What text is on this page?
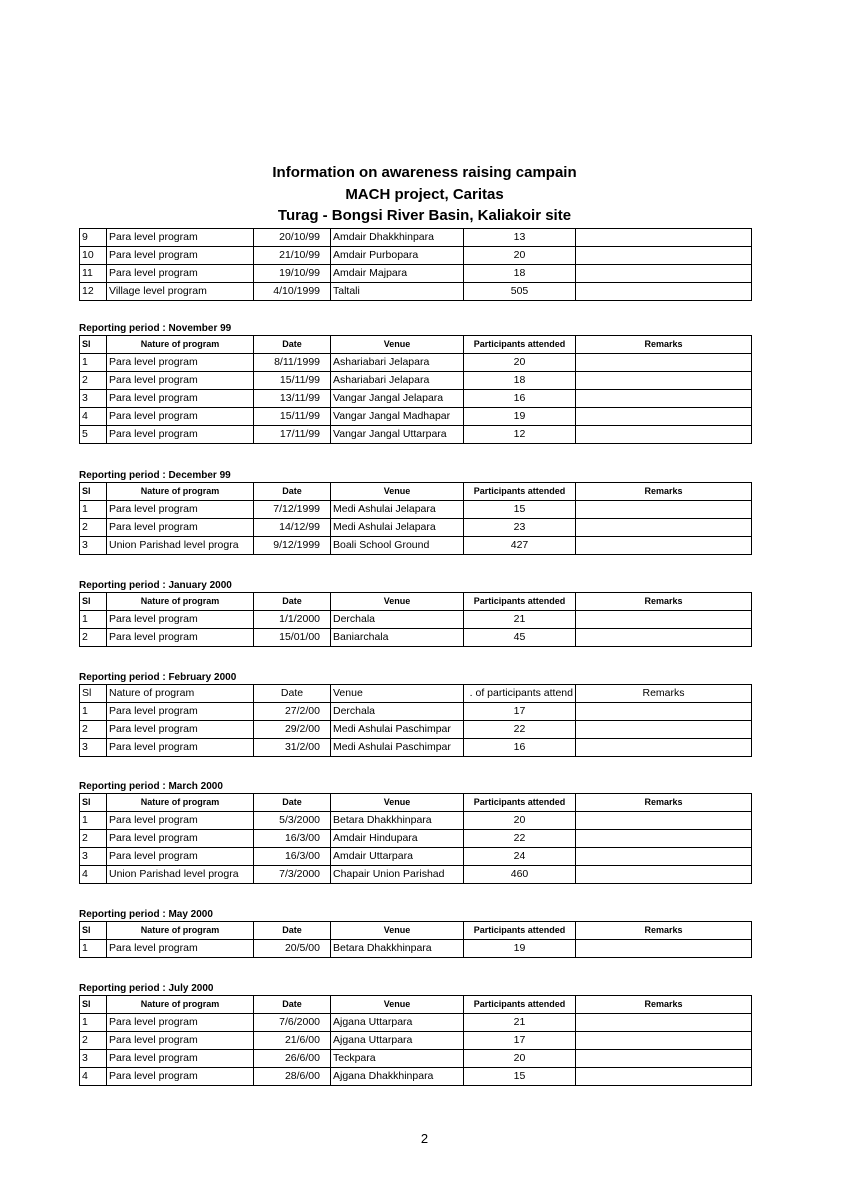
Information on awareness raising campain
MACH project, Caritas
Turag - Bongsi River Basin, Kaliakoir site
9	Para level program	20/10/99	Amdair Dhakkhinpara	13	
10	Para level program	21/10/99	Amdair Purbopara	20	
11	Para level program	19/10/99	Amdair Majpara	18	
12	Village level program	4/10/1999	Taltali	505	
Reporting period : November 99
Sl	Nature of program	Date	Venue	Participants attended	Remarks
1	Para level program	8/11/1999	Ashariabari Jelapara	20	
2	Para level program	15/11/99	Ashariabari Jelapara	18	
3	Para level program	13/11/99	Vangar Jangal Jelapara	16	
4	Para level program	15/11/99	Vangar Jangal Madhapar	19	
5	Para level program	17/11/99	Vangar Jangal Uttarpara	12	
Reporting period : December 99
Sl	Nature of program	Date	Venue	Participants attended	Remarks
1	Para level program	7/12/1999	Medi Ashulai Jelapara	15	
2	Para level program	14/12/99	Medi Ashulai Jelapara	23	
3	Union Parishad level progra	9/12/1999	Boali School Ground	427	
Reporting period : January 2000
Sl	Nature of program	Date	Venue	Participants attended	Remarks
1	Para level program	1/1/2000	Derchala	21	
2	Para level program	15/01/00	Baniarchala	45	
Reporting period : February 2000
Sl	Nature of program	Date	Venue	. of participants attend	Remarks
1	Para level program	27/2/00	Derchala	17	
2	Para level program	29/2/00	Medi Ashulai Paschimpar	22	
3	Para level program	31/2/00	Medi Ashulai Paschimpar	16	
Reporting period : March 2000
Sl	Nature of program	Date	Venue	Participants attended	Remarks
1	Para level program	5/3/2000	Betara Dhakkhinpara	20	
2	Para level program	16/3/00	Amdair Hindupara	22	
3	Para level program	16/3/00	Amdair Uttarpara	24	
4	Union Parishad level progra	7/3/2000	Chapair Union Parishad	460	
Reporting period : May 2000
Sl	Nature of program	Date	Venue	Participants attended	Remarks
1	Para level program	20/5/00	Betara Dhakkhinpara	19	
Reporting period : July 2000
Sl	Nature of program	Date	Venue	Participants attended	Remarks
1	Para level program	7/6/2000	Ajgana Uttarpara	21	
2	Para level program	21/6/00	Ajgana Uttarpara	17	
3	Para level program	26/6/00	Teckpara	20	
4	Para level program	28/6/00	Ajgana Dhakkhinpara	15	
2
